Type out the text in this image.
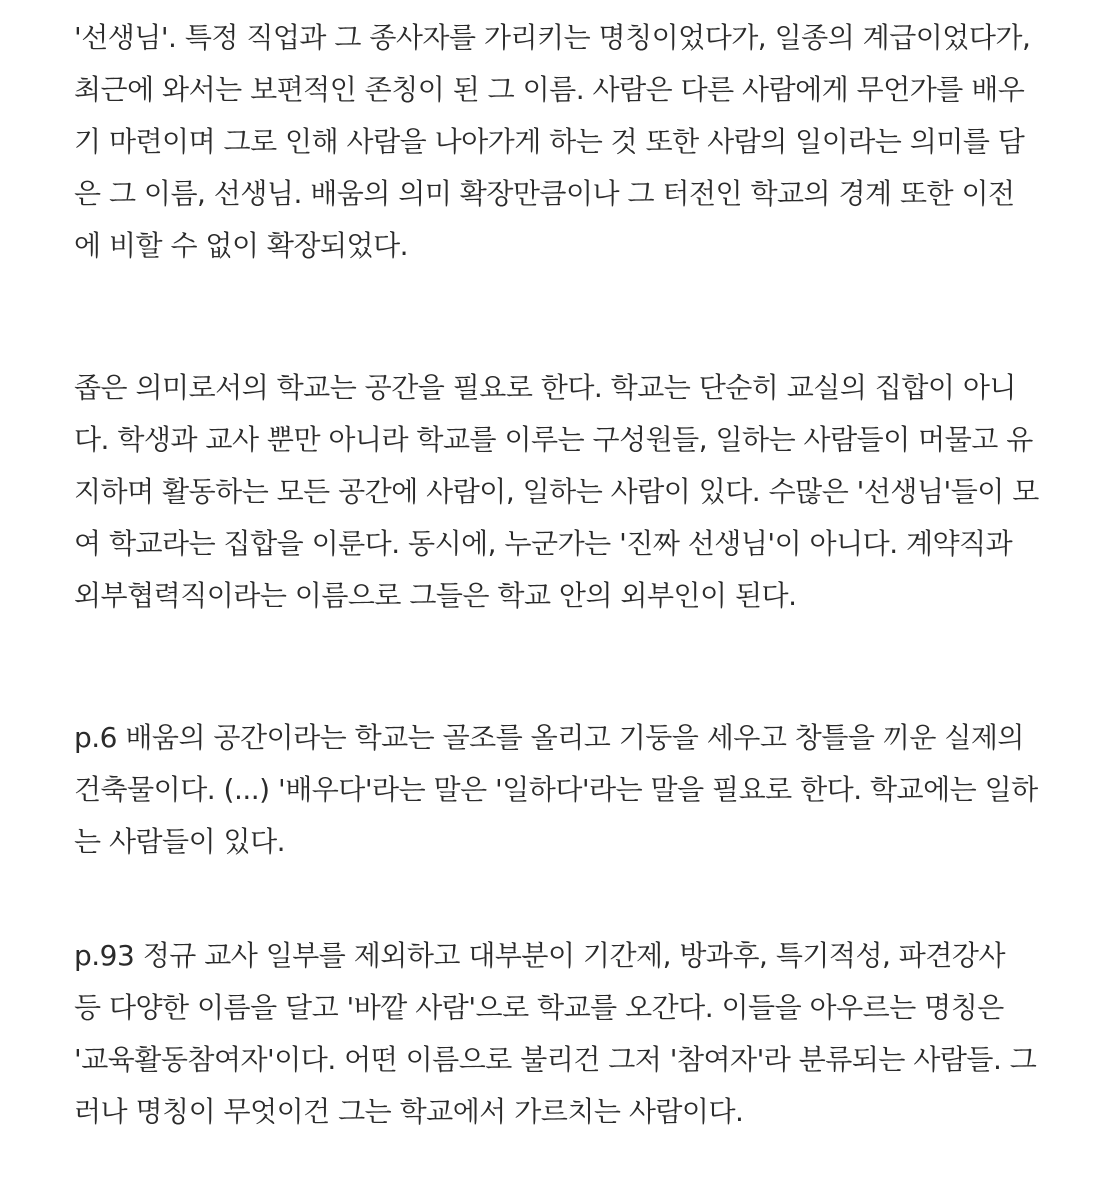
'선생님'. 특정 직업과 그 종사자를 가리키는 명칭이었다가, 일종의 계급이었다가,
최근에 와서는 보편적인 존칭이 된 그 이름. 사람은 다른 사람에게 무언가를 배우
기 마련이며 그로 인해 사람을 나아가게 하는 것 또한 사람의 일이라는 의미를 담
은 그 이름, 선생님. 배움의 의미 확장만큼이나 그 터전인 학교의 경계 또한 이전
에 비할 수 없이 확장되었다.
좁은 의미로서의 학교는 공간을 필요로 한다. 학교는 단순히 교실의 집합이 아니
다. 학생과 교사 뿐만 아니라 학교를 이루는 구성원들, 일하는 사람들이 머물고 유
지하며 활동하는 모든 공간에 사람이, 일하는 사람이 있다. 수많은 '선생님'들이 모
여 학교라는 집합을 이룬다. 동시에, 누군가는 '진짜 선생님'이 아니다. 계약직과
외부협력직이라는 이름으로 그들은 학교 안의 외부인이 된다.
p.6 배움의 공간이라는 학교는 골조를 올리고 기둥을 세우고 창틀을 끼운 실제의
건축물이다. (...) '배우다'라는 말은 '일하다'라는 말을 필요로 한다. 학교에는 일하
는 사람들이 있다.
p.93 정규 교사 일부를 제외하고 대부분이 기간제, 방과후, 특기적성, 파견강사
등 다양한 이름을 달고 '바깥 사람'으로 학교를 오간다. 이들을 아우르는 명칭은
'교육활동참여자'이다. 어떤 이름으로 불리건 그저 '참여자'라 분류되는 사람들. 그
러나 명칭이 무엇이건 그는 학교에서 가르치는 사람이다.
